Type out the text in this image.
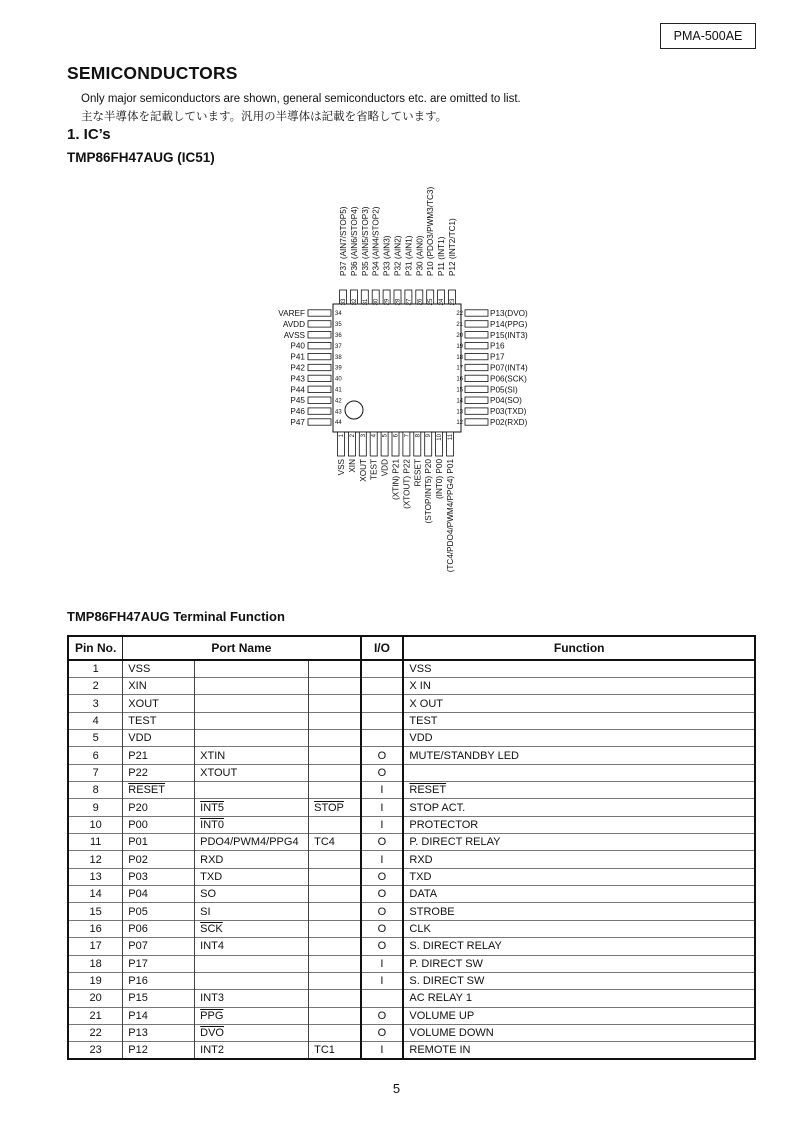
PMA-500AE
SEMICONDUCTORS
Only major semiconductors are shown, general semiconductors etc. are omitted to list.
主な半導体を記載しています。汎用の半導体は記載を省略しています。
1. IC’s
TMP86FH47AUG (IC51)
33
P37 (AIN7/STOP5)
32
P36 (AIN6/STOP4)
31
P35 (AIN5/STOP3)
30
P34 (AIN4/STOP2)
29
P33 (AIN3)
28
P32 (AIN2)
27
P31 (AIN1)
26
P30 (AIN0)
25
P10 (PDO3/PWM3/TC3)
24
P11 (INT1)
23
P12 (INT2/TC1)
34
VAREF
35
AVDD
36
AVSS
37
P40
38
P41
39
P42
40
P43
41
P44
42
P45
43
P46
44
P47
22	P13(DVO)
21	P14(PPG)
20	P15(INT3)
19	P16
18	P17
17	P07(INT4)
16	P06(SCK)
15	P05(SI)
14	P04(SO)
13	P03(TXD)
12	P02(RXD)
1
VSS
2
XIN
3
XOUT
4
TEST
5
VDD
6
(XTIN) P21
7
(XTOUT) P22
8
RESET
9
(STOP/INT5) P20
10
(INT0) P00
11
(TC4/PDO4/PWM4/PPG4) P01
TMP86FH47AUG Terminal Function
Pin No.	Port Name			I/O	Function
1	VSS				VSS
2	XIN				X IN
3	XOUT				X OUT
4	TEST				TEST
5	VDD				VDD
6	P21	XTIN		O	MUTE/STANDBY LED
7	P22	XTOUT		O	
8	RESET			I	RESET
9	P20	INT5	STOP	I	STOP ACT.
10	P00	INT0		I	PROTECTOR
11	P01	PDO4/PWM4/PPG4	TC4	O	P. DIRECT RELAY
12	P02	RXD		I	RXD
13	P03	TXD		O	TXD
14	P04	SO		O	DATA
15	P05	SI		O	STROBE
16	P06	$\overline{SCK}$		O	CLK
17	P07	INT4		O	S. DIRECT RELAY
18	P17			I	P. DIRECT SW
19	P16			I	S. DIRECT SW
20	P15	INT3			AC RELAY 1
21	P14	$\overline{PPG}$		O	VOLUME UP
22	P13	$\overline{DVO}$		O	VOLUME DOWN
23	P12	INT2	TC1	I	REMOTE IN
5
